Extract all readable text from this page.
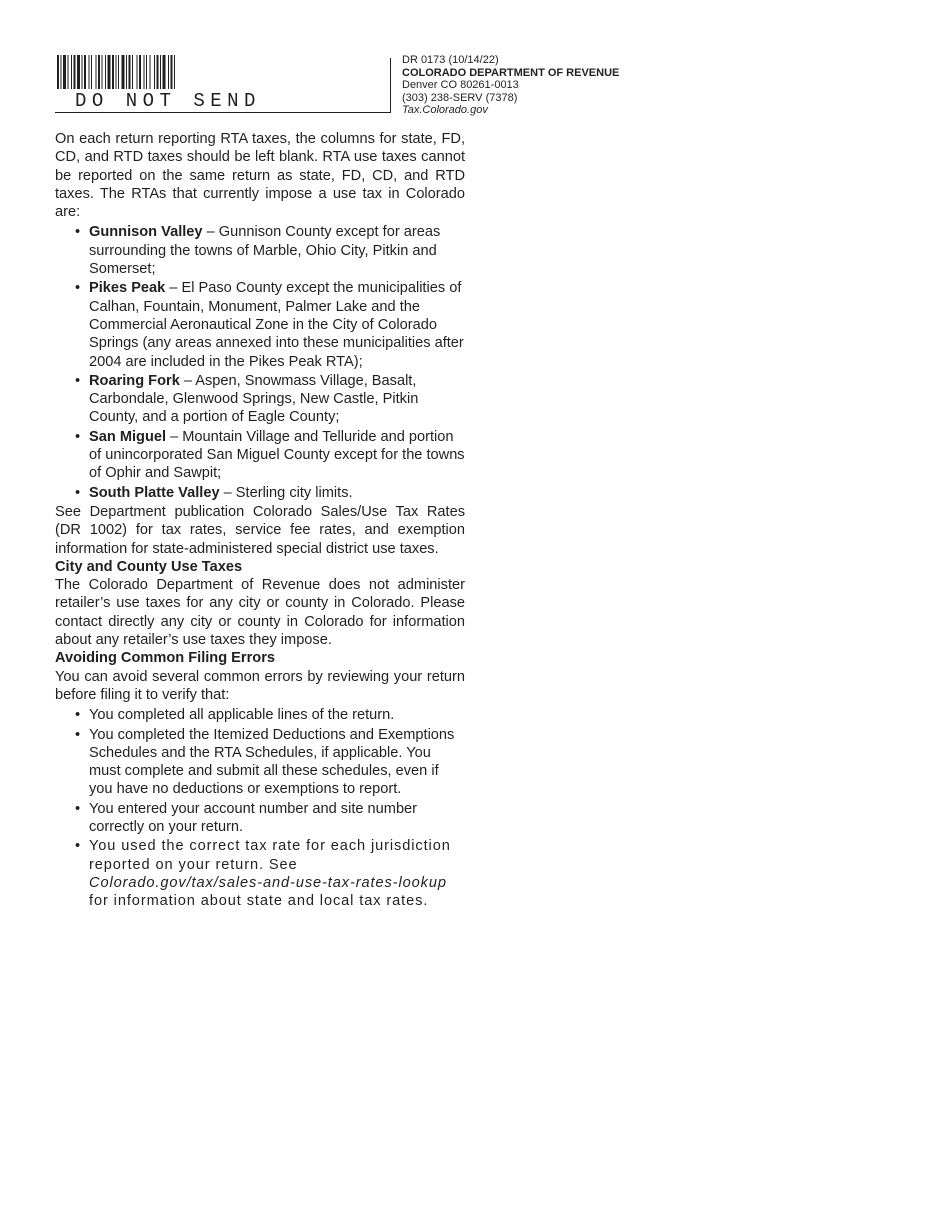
DO NOT SEND
DR 0173 (10/14/22)
COLORADO DEPARTMENT OF REVENUE
Denver CO 80261-0013
(303) 238-SERV (7378)
Tax.Colorado.gov

On each return reporting RTA taxes, the columns for state, FD, CD, and RTD taxes should be left blank. RTA use taxes cannot be reported on the same return as state, FD, CD, and RTD taxes. The RTAs that currently impose a use tax in Colorado are:

• Gunnison Valley – Gunnison County except for areas surrounding the towns of Marble, Ohio City, Pitkin and Somerset;
• Pikes Peak – El Paso County except the municipalities of Calhan, Fountain, Monument, Palmer Lake and the Commercial Aeronautical Zone in the City of Colorado Springs (any areas annexed into these municipalities after 2004 are included in the Pikes Peak RTA);
• Roaring Fork – Aspen, Snowmass Village, Basalt, Carbondale, Glenwood Springs, New Castle, Pitkin County, and a portion of Eagle County;
• San Miguel – Mountain Village and Telluride and portion of unincorporated San Miguel County except for the towns of Ophir and Sawpit;
• South Platte Valley – Sterling city limits.

See Department publication Colorado Sales/Use Tax Rates (DR 1002) for tax rates, service fee rates, and exemption information for state-administered special district use taxes.

City and County Use Taxes

The Colorado Department of Revenue does not administer retailer’s use taxes for any city or county in Colorado. Please contact directly any city or county in Colorado for information about any retailer’s use taxes they impose.

Avoiding Common Filing Errors

You can avoid several common errors by reviewing your return before filing it to verify that:

• You completed all applicable lines of the return.
• You completed the Itemized Deductions and Exemptions Schedules and the RTA Schedules, if applicable. You must complete and submit all these schedules, even if you have no deductions or exemptions to report.
• You entered your account number and site number correctly on your return.
• You used the correct tax rate for each jurisdiction reported on your return. See Colorado.gov/tax/sales-and-use-tax-rates-lookup for information about state and local tax rates.
